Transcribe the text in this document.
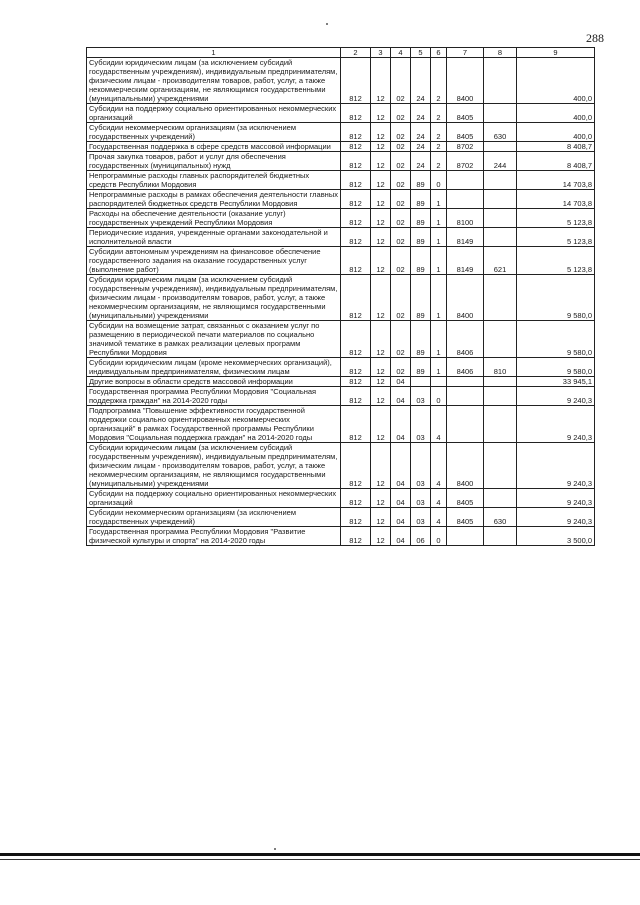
288
1	2	3	4	5	6	7	8	9
Субсидии юридическим лицам (за исключением субсидий государственным учреждениям), индивидуальным предпринимателям, физическим лицам - производителям товаров, работ, услуг, а также некоммерческим организациям, не являющимся государственными (муниципальными) учреждениями	812	12	02	24	2	8400		400,0
Субсидии на поддержку социально ориентированных некоммерческих организаций	812	12	02	24	2	8405		400,0
Субсидии некоммерческим организациям (за исключением государственных учреждений)	812	12	02	24	2	8405	630	400,0
Государственная поддержка в сфере средств массовой информации	812	12	02	24	2	8702		8 408,7
Прочая закупка товаров, работ и услуг для обеспечения государственных (муниципальных) нужд	812	12	02	24	2	8702	244	8 408,7
Непрограммные расходы главных распорядителей бюджетных средств Республики Мордовия	812	12	02	89	0			14 703,8
Непрограммные расходы в рамках обеспечения деятельности главных распорядителей бюджетных средств Республики Мордовия	812	12	02	89	1			14 703,8
Расходы на обеспечение деятельности (оказание услуг) государственных учреждений Республики Мордовия	812	12	02	89	1	8100		5 123,8
Периодические издания, учрежденные органами законодательной и исполнительной власти	812	12	02	89	1	8149		5 123,8
Субсидии автономным учреждениям на финансовое обеспечение государственного задания на оказание государственных услуг (выполнение работ)	812	12	02	89	1	8149	621	5 123,8
Субсидии юридическим лицам (за исключением субсидий государственным учреждениям), индивидуальным предпринимателям, физическим лицам - производителям товаров, работ, услуг, а также некоммерческим организациям, не являющимся государственными (муниципальными) учреждениями	812	12	02	89	1	8400		9 580,0
Субсидии на возмещение затрат, связанных с оказанием услуг по размещению в периодической печати материалов по социально значимой тематике в рамках реализации целевых программ Республики Мордовия	812	12	02	89	1	8406		9 580,0
Субсидии юридическим лицам (кроме некоммерческих организаций), индивидуальным предпринимателям, физическим лицам	812	12	02	89	1	8406	810	9 580,0
Другие вопросы в области средств массовой информации	812	12	04					33 945,1
Государственная программа Республики Мордовия "Социальная поддержка граждан" на 2014-2020 годы	812	12	04	03	0			9 240,3
Подпрограмма "Повышение эффективности государственной поддержки социально ориентированных некоммерческих организаций" в рамках Государственной программы Республики Мордовия "Социальная поддержка граждан" на 2014-2020 годы	812	12	04	03	4			9 240,3
Субсидии юридическим лицам (за исключением субсидий государственным учреждениям), индивидуальным предпринимателям, физическим лицам - производителям товаров, работ, услуг, а также некоммерческим организациям, не являющимся государственными (муниципальными) учреждениями	812	12	04	03	4	8400		9 240,3
Субсидии на поддержку социально ориентированных некоммерческих организаций	812	12	04	03	4	8405		9 240,3
Субсидии некоммерческим организациям (за исключением государственных учреждений)	812	12	04	03	4	8405	630	9 240,3
Государственная программа Республики Мордовия "Развитие физической культуры и спорта" на 2014-2020 годы	812	12	04	06	0			3 500,0
